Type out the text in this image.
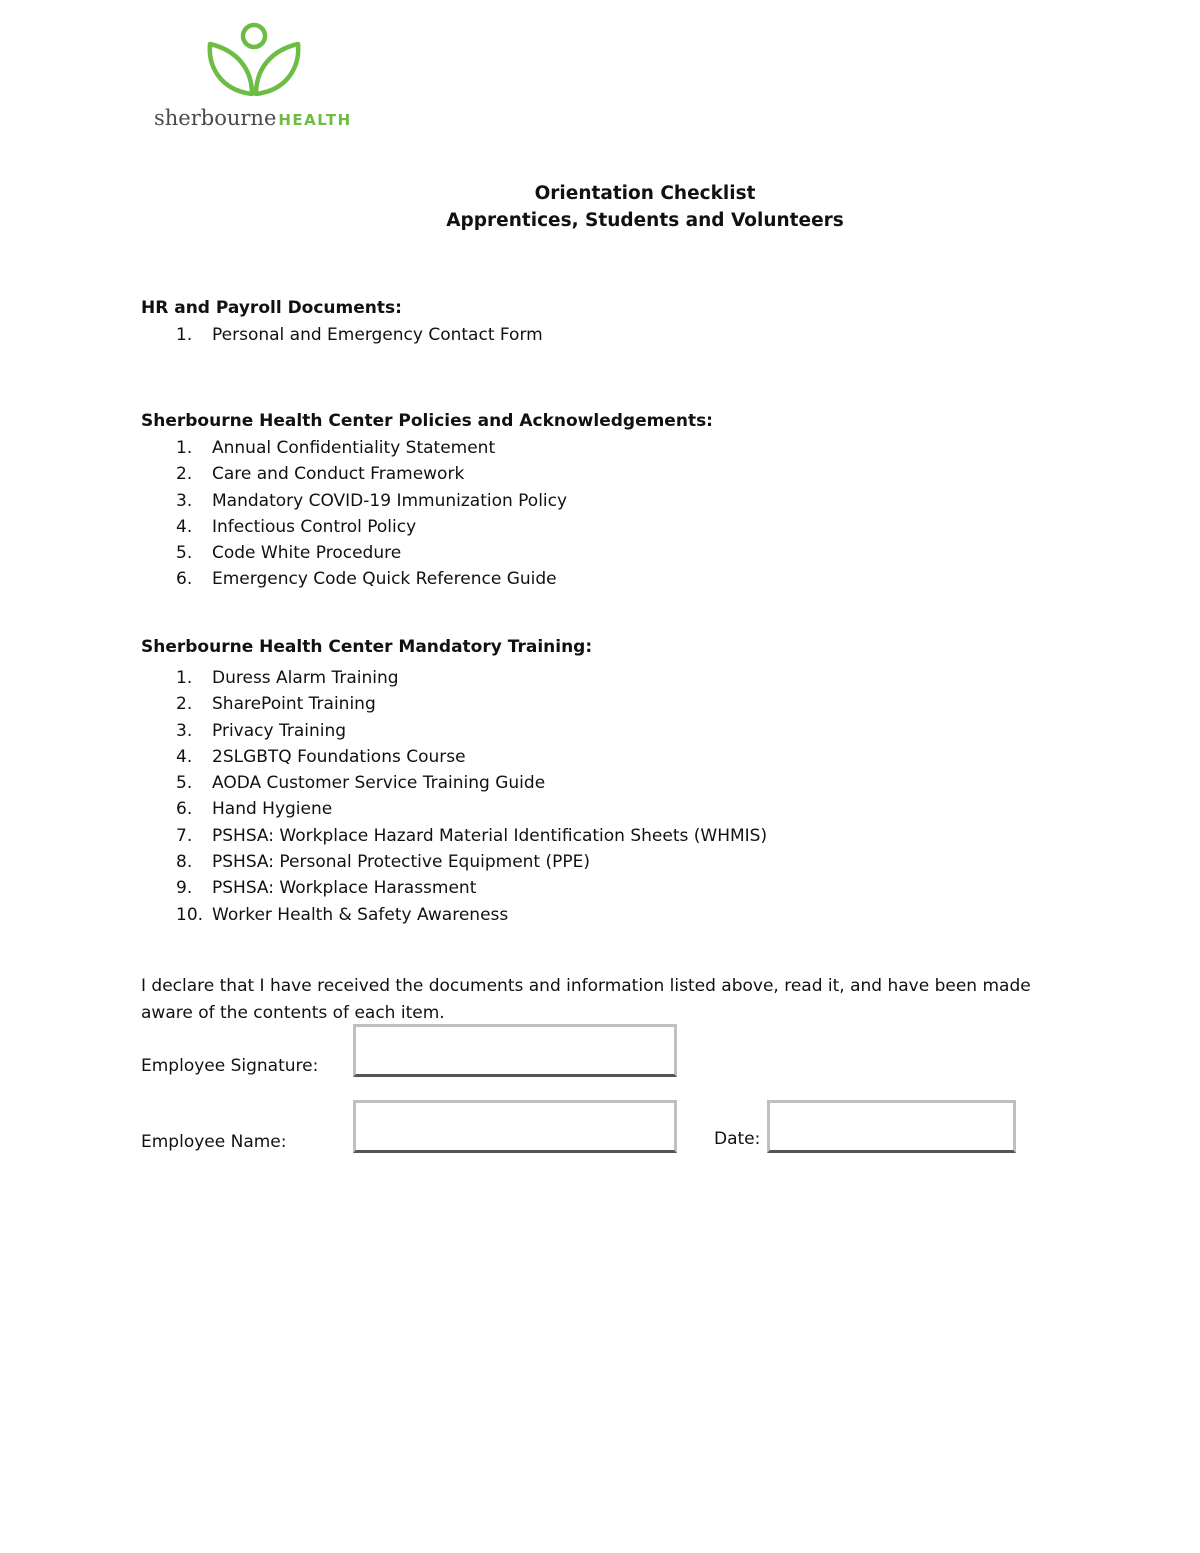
sherbourne HEALTH
Orientation Checklist
Apprentices, Students and Volunteers
HR and Payroll Documents:
1. Personal and Emergency Contact Form
Sherbourne Health Center Policies and Acknowledgements:
1. Annual Confidentiality Statement
2. Care and Conduct Framework
3. Mandatory COVID-19 Immunization Policy
4. Infectious Control Policy
5. Code White Procedure
6. Emergency Code Quick Reference Guide
Sherbourne Health Center Mandatory Training:
1. Duress Alarm Training
2. SharePoint Training
3. Privacy Training
4. 2SLGBTQ Foundations Course
5. AODA Customer Service Training Guide
6. Hand Hygiene
7. PSHSA: Workplace Hazard Material Identification Sheets (WHMIS)
8. PSHSA: Personal Protective Equipment (PPE)
9. PSHSA: Workplace Harassment
10. Worker Health & Safety Awareness
I declare that I have received the documents and information listed above, read it, and have been made aware of the contents of each item.
Employee Signature:
Employee Name:	Date:
